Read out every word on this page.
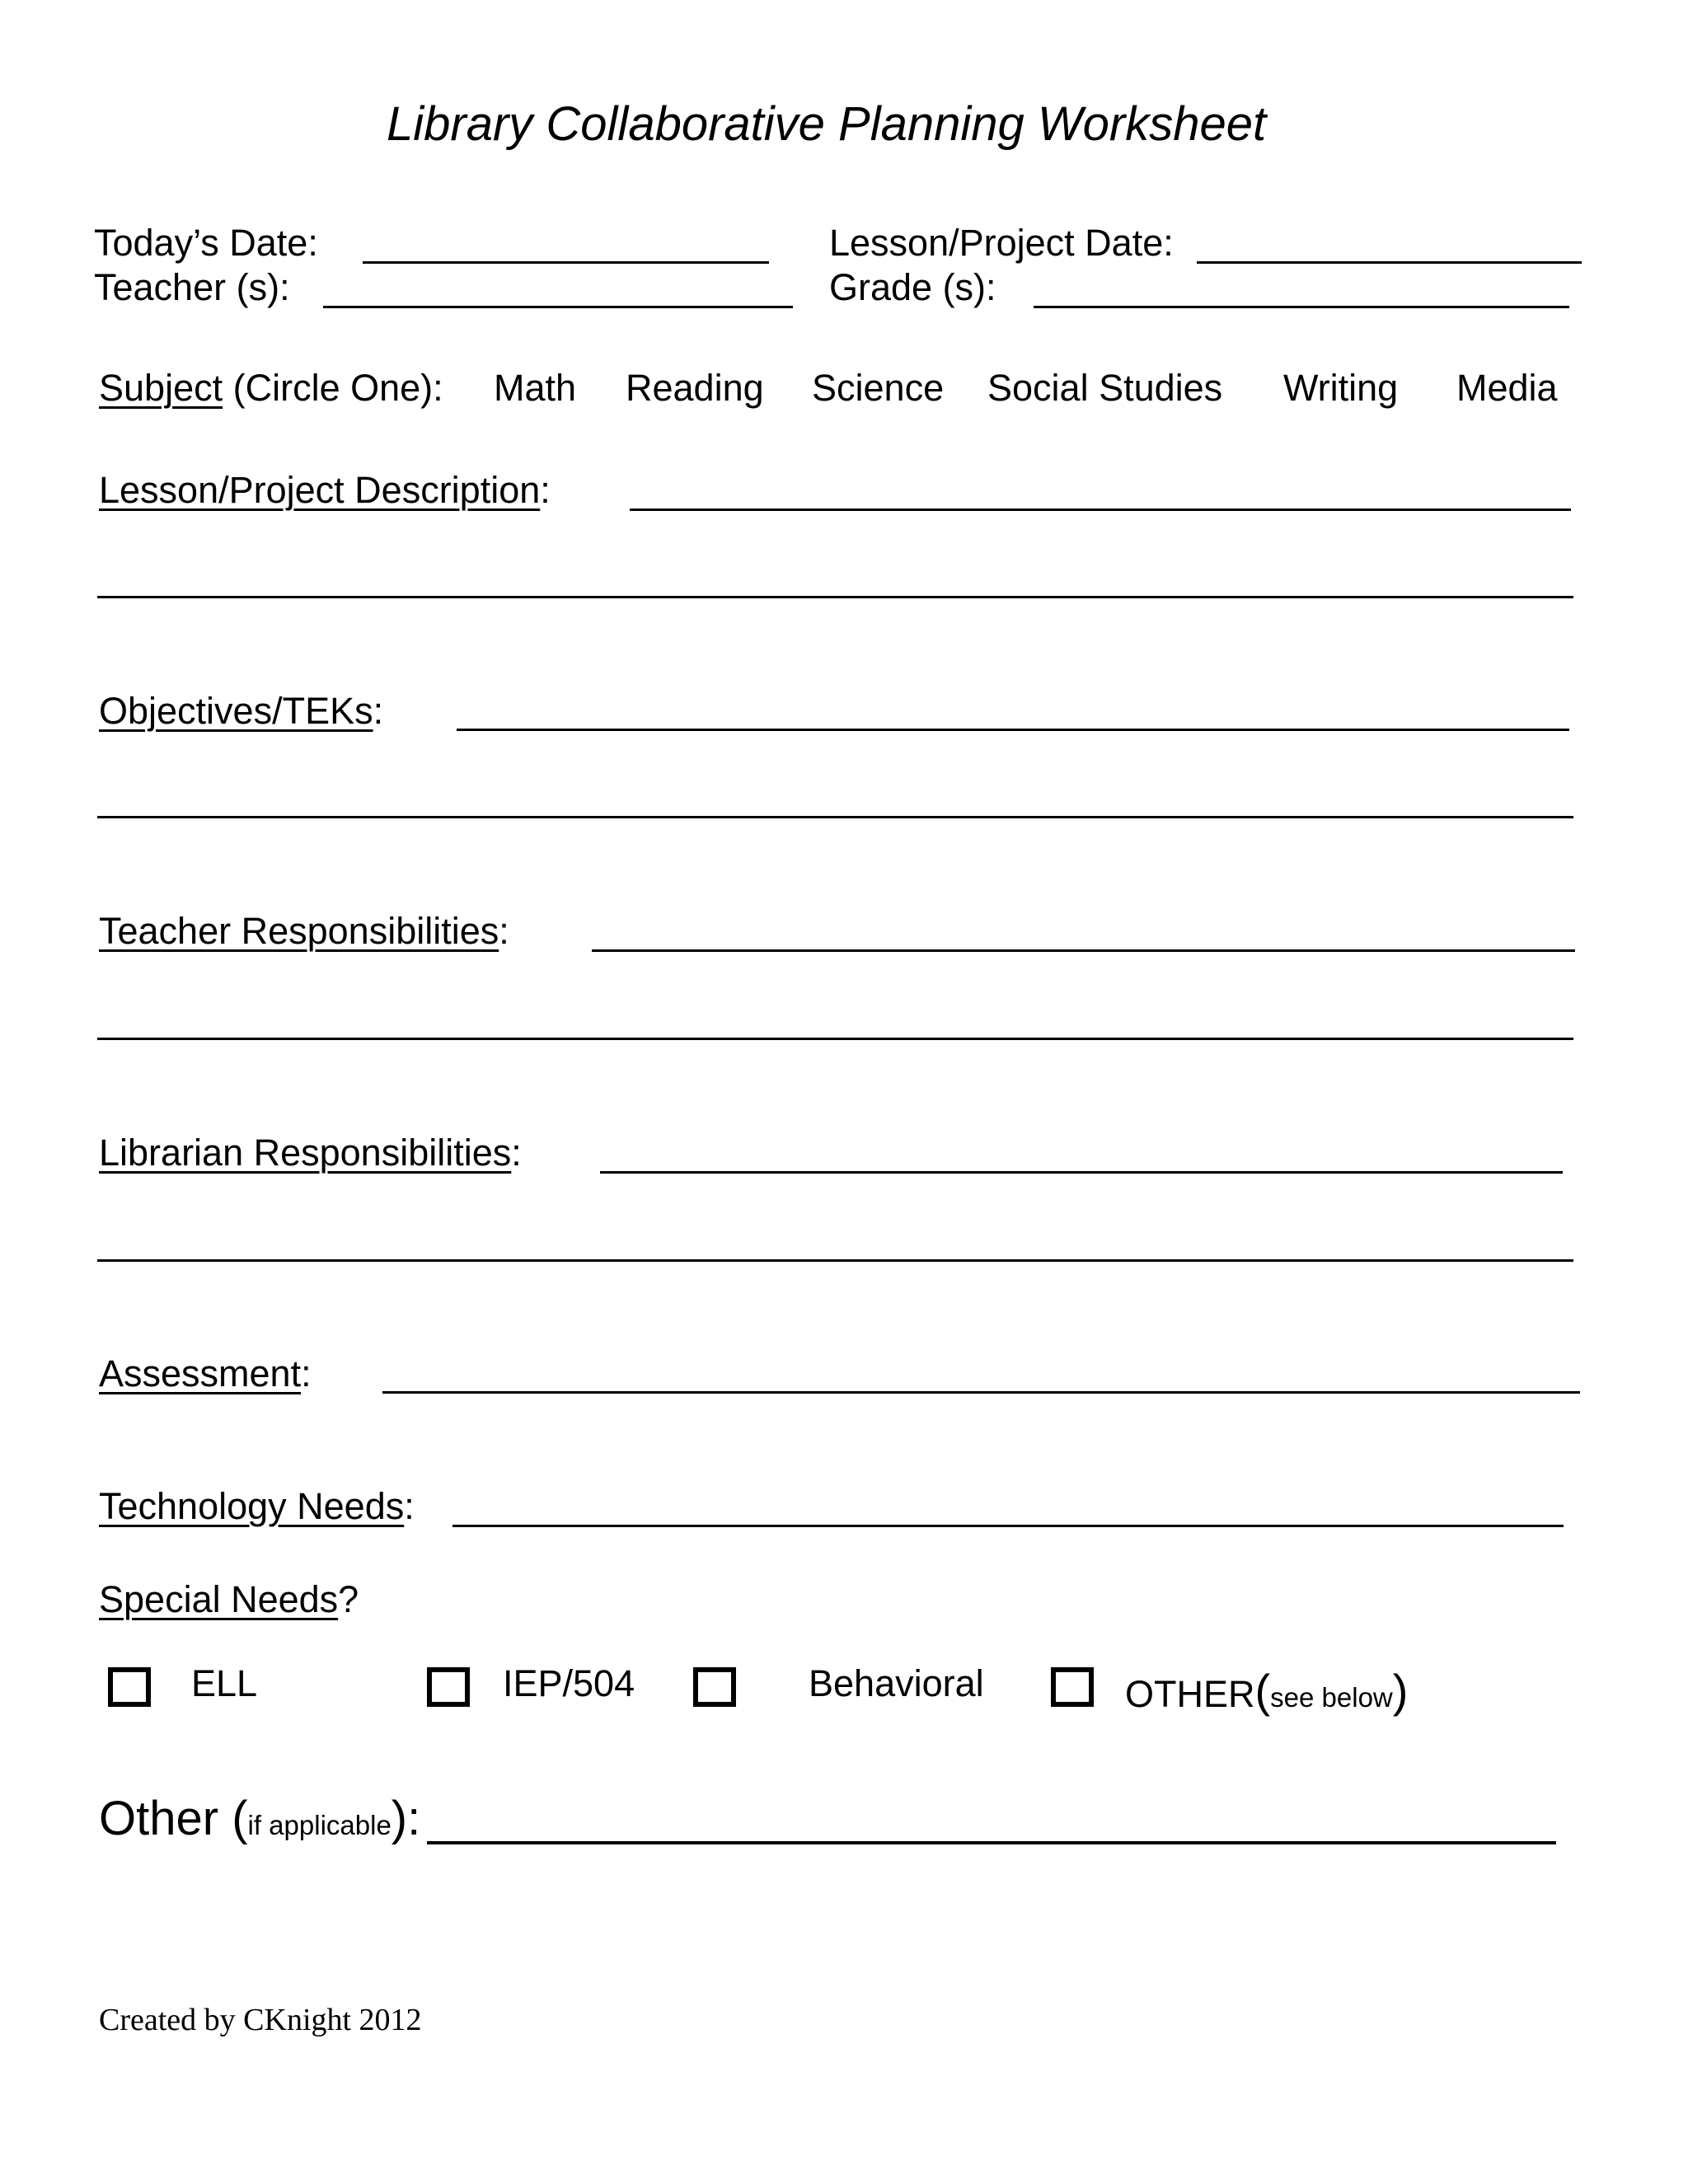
Library Collaborative Planning Worksheet
Today’s Date:	Lesson/Project Date:
Teacher (s):	Grade (s):
Subject (Circle One): Math Reading Science Social Studies Writing Media
Lesson/Project Description:
Objectives/TEKs:
Teacher Responsibilities:
Librarian Responsibilities:
Assessment:
Technology Needs:
Special Needs?
ELL	IEP/504	Behavioral	OTHER(see below)
Other (if applicable):
Created by CKnight 2012
